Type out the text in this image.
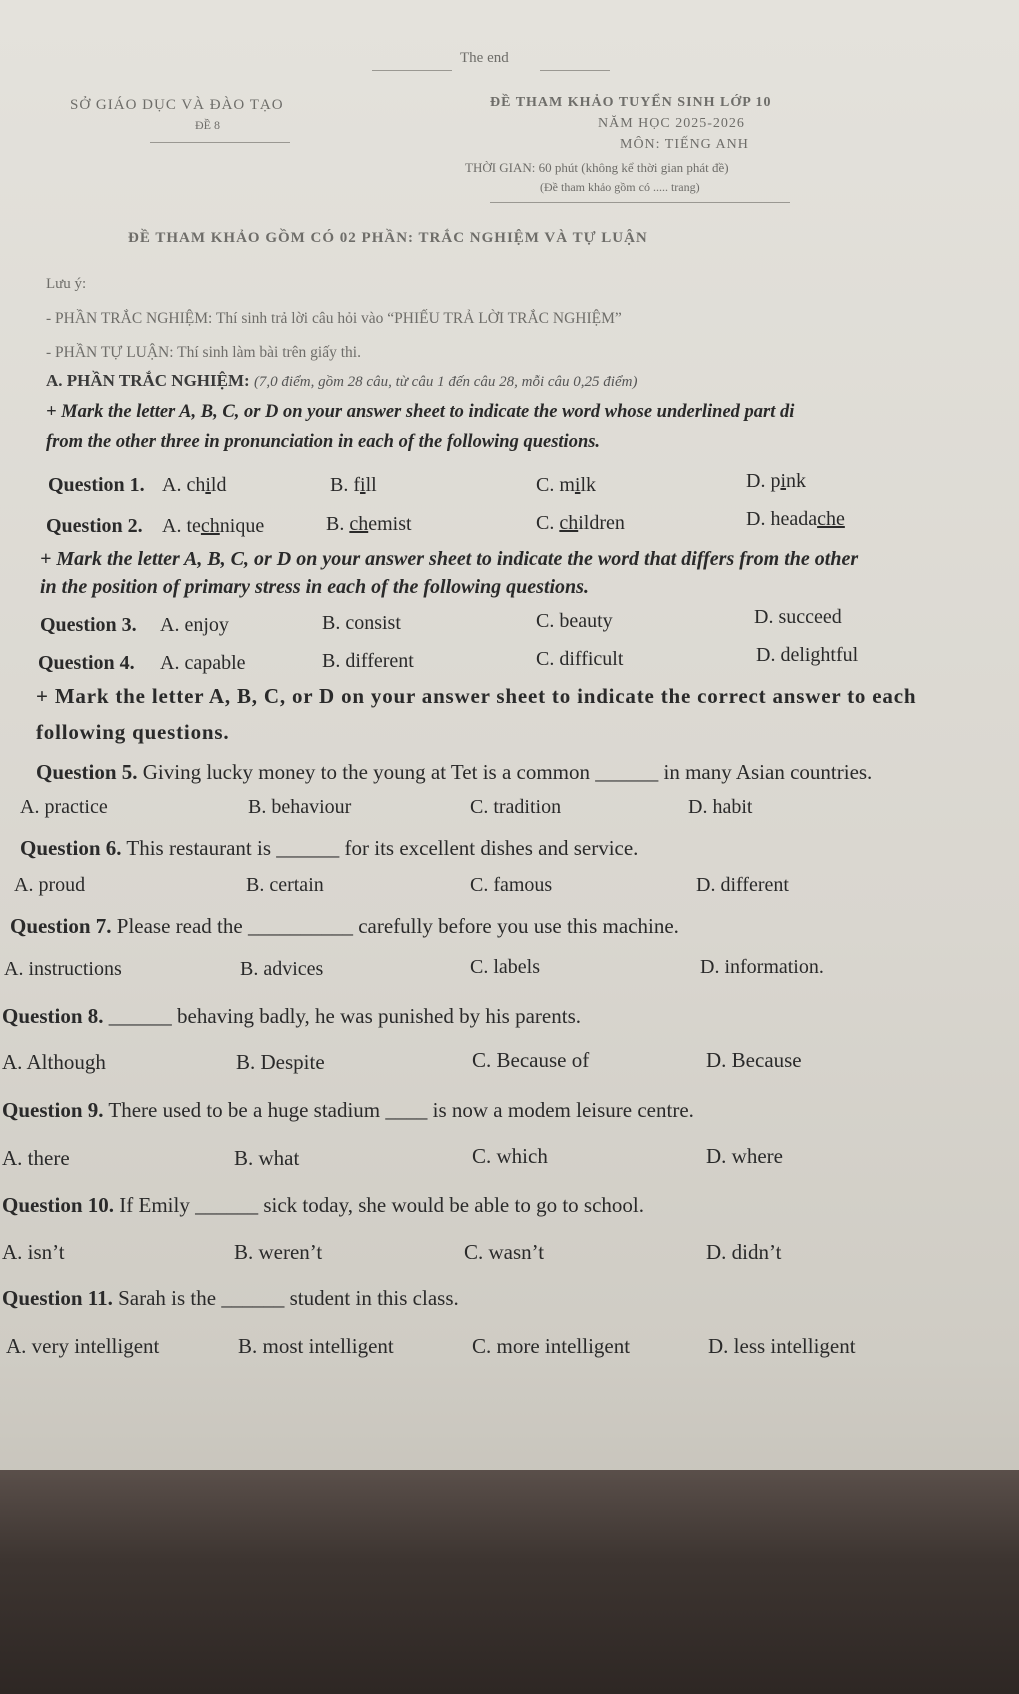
The end
SỞ GIÁO DỤC VÀ ĐÀO TẠO
ĐỀ 8
ĐỀ THAM KHẢO TUYỂN SINH LỚP 10
NĂM HỌC 2025-2026
MÔN: TIẾNG ANH
THỜI GIAN: 60 phút (không kể thời gian phát đề)
(Đề tham khảo gồm có ..... trang)
ĐỀ THAM KHẢO GỒM CÓ 02 PHẦN: TRẮC NGHIỆM VÀ TỰ LUẬN
Lưu ý:
- PHẦN TRẮC NGHIỆM: Thí sinh trả lời câu hỏi vào “PHIẾU TRẢ LỜI TRẮC NGHIỆM”
- PHẦN TỰ LUẬN: Thí sinh làm bài trên giấy thi.
A. PHẦN TRẮC NGHIỆM: (7,0 điểm, gồm 28 câu, từ câu 1 đến câu 28, mỗi câu 0,25 điểm)
+ Mark the letter A, B, C, or D on your answer sheet to indicate the word whose underlined part di
from the other three in pronunciation in each of the following questions.
Question 1. A. child	B. fill	C. milk	D. pink
Question 2. A. technique	B. chemist	C. children	D. headache
+ Mark the letter A, B, C, or D on your answer sheet to indicate the word that differs from the other
in the position of primary stress in each of the following questions.
Question 3. A. enjoy	B. consist	C. beauty	D. succeed
Question 4. A. capable	B. different	C. difficult	D. delightful
+ Mark the letter A, B, C, or D on your answer sheet to indicate the correct answer to each
following questions.
Question 5. Giving lucky money to the young at Tet is a common ______ in many Asian countries.
A. practice	B. behaviour	C. tradition	D. habit
Question 6. This restaurant is ______ for its excellent dishes and service.
A. proud	B. certain	C. famous	D. different
Question 7. Please read the __________ carefully before you use this machine.
A. instructions	B. advices	C. labels	D. information.
Question 8. ______ behaving badly, he was punished by his parents.
A. Although	B. Despite	C. Because of	D. Because
Question 9. There used to be a huge stadium ____ is now a modem leisure centre.
A. there	B. what	C. which	D. where
Question 10. If Emily ______ sick today, she would be able to go to school.
A. isn’t	B. weren’t	C. wasn’t	D. didn’t
Question 11. Sarah is the ______ student in this class.
A. very intelligent	B. most intelligent	C. more intelligent	D. less intelligent
